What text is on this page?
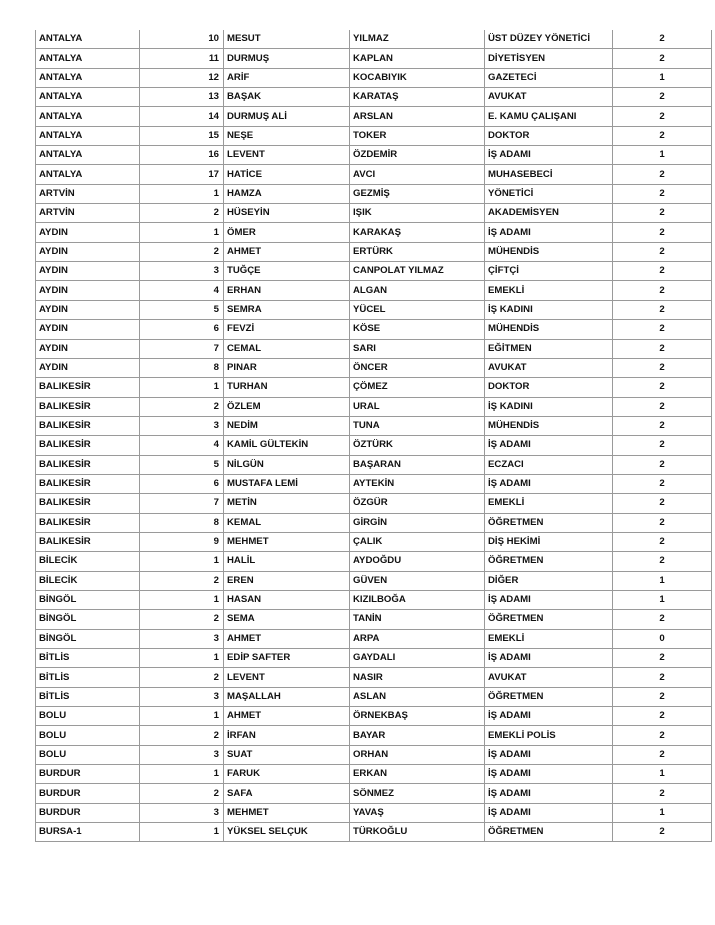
ANTALYA	10	MESUT	YILMAZ	ÜST DÜZEY YÖNETİCİ	2
ANTALYA	11	DURMUŞ	KAPLAN	DİYETİSYEN	2
ANTALYA	12	ARİF	KOCABIYIK	GAZETECİ	1
ANTALYA	13	BAŞAK	KARATAŞ	AVUKAT	2
ANTALYA	14	DURMUŞ ALİ	ARSLAN	E. KAMU ÇALIŞANI	2
ANTALYA	15	NEŞE	TOKER	DOKTOR	2
ANTALYA	16	LEVENT	ÖZDEMİR	İŞ ADAMI	1
ANTALYA	17	HATİCE	AVCI	MUHASEBECİ	2
ARTVİN	1	HAMZA	GEZMİŞ	YÖNETİCİ	2
ARTVİN	2	HÜSEYİN	IŞIK	AKADEMİSYEN	2
AYDIN	1	ÖMER	KARAKAŞ	İŞ ADAMI	2
AYDIN	2	AHMET	ERTÜRK	MÜHENDİS	2
AYDIN	3	TUĞÇE	CANPOLAT YILMAZ	ÇİFTÇİ	2
AYDIN	4	ERHAN	ALGAN	EMEKLİ	2
AYDIN	5	SEMRA	YÜCEL	İŞ KADINI	2
AYDIN	6	FEVZİ	KÖSE	MÜHENDİS	2
AYDIN	7	CEMAL	SARI	EĞİTMEN	2
AYDIN	8	PINAR	ÖNCER	AVUKAT	2
BALIKESİR	1	TURHAN	ÇÖMEZ	DOKTOR	2
BALIKESİR	2	ÖZLEM	URAL	İŞ KADINI	2
BALIKESİR	3	NEDİM	TUNA	MÜHENDİS	2
BALIKESİR	4	KAMİL GÜLTEKİN	ÖZTÜRK	İŞ ADAMI	2
BALIKESİR	5	NİLGÜN	BAŞARAN	ECZACI	2
BALIKESİR	6	MUSTAFA LEMİ	AYTEKİN	İŞ ADAMI	2
BALIKESİR	7	METİN	ÖZGÜR	EMEKLİ	2
BALIKESİR	8	KEMAL	GİRGİN	ÖĞRETMEN	2
BALIKESİR	9	MEHMET	ÇALIK	DİŞ HEKİMİ	2
BİLECİK	1	HALİL	AYDOĞDU	ÖĞRETMEN	2
BİLECİK	2	EREN	GÜVEN	DİĞER	1
BİNGÖL	1	HASAN	KIZILBOĞA	İŞ ADAMI	1
BİNGÖL	2	SEMA	TANİN	ÖĞRETMEN	2
BİNGÖL	3	AHMET	ARPA	EMEKLİ	0
BİTLİS	1	EDİP SAFTER	GAYDALI	İŞ ADAMI	2
BİTLİS	2	LEVENT	NASIR	AVUKAT	2
BİTLİS	3	MAŞALLAH	ASLAN	ÖĞRETMEN	2
BOLU	1	AHMET	ÖRNEKBAŞ	İŞ ADAMI	2
BOLU	2	İRFAN	BAYAR	EMEKLİ POLİS	2
BOLU	3	SUAT	ORHAN	İŞ ADAMI	2
BURDUR	1	FARUK	ERKAN	İŞ ADAMI	1
BURDUR	2	SAFA	SÖNMEZ	İŞ ADAMI	2
BURDUR	3	MEHMET	YAVAŞ	İŞ ADAMI	1
BURSA-1	1	YÜKSEL SELÇUK	TÜRKOĞLU	ÖĞRETMEN	2
